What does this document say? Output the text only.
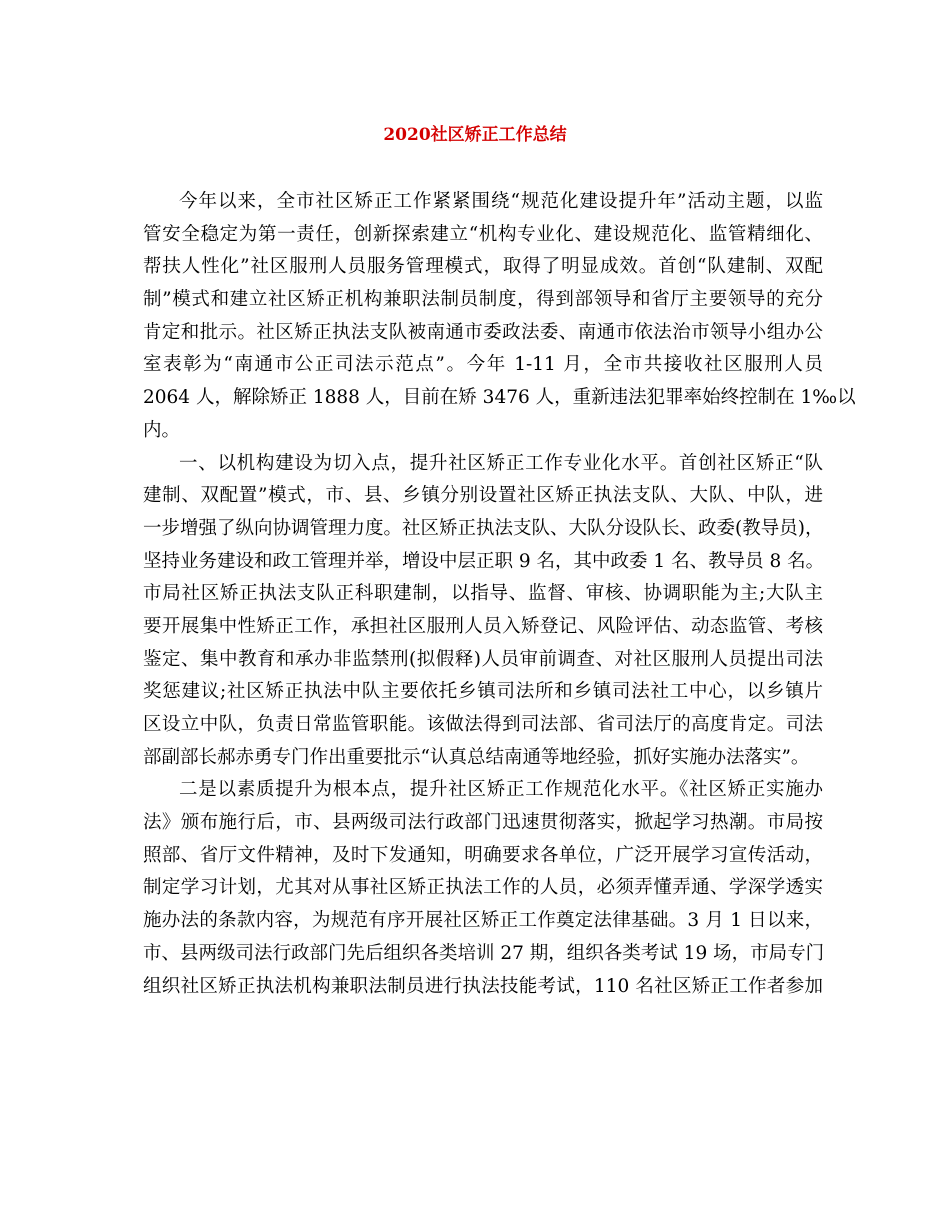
2020社区矫正工作总结
今年以来，全市社区矫正工作紧紧围绕“规范化建设提升年”活动主题，以监
管安全稳定为第一责任，创新探索建立“机构专业化、建设规范化、监管精细化、
帮扶人性化”社区服刑人员服务管理模式，取得了明显成效。首创“队建制、双配
制”模式和建立社区矫正机构兼职法制员制度，得到部领导和省厅主要领导的充分
肯定和批示。社区矫正执法支队被南通市委政法委、南通市依法治市领导小组办公
室表彰为“南通市公正司法示范点”。今年 1-11 月，全市共接收社区服刑人员
2064 人，解除矫正 1888 人，目前在矫 3476 人，重新违法犯罪率始终控制在 1‰以
内。
一、以机构建设为切入点，提升社区矫正工作专业化水平。首创社区矫正“队
建制、双配置”模式，市、县、乡镇分别设置社区矫正执法支队、大队、中队，进
一步增强了纵向协调管理力度。社区矫正执法支队、大队分设队长、政委(教导员)，
坚持业务建设和政工管理并举，增设中层正职 9 名，其中政委 1 名、教导员 8 名。
市局社区矫正执法支队正科职建制，以指导、监督、审核、协调职能为主;大队主
要开展集中性矫正工作，承担社区服刑人员入矫登记、风险评估、动态监管、考核
鉴定、集中教育和承办非监禁刑(拟假释)人员审前调查、对社区服刑人员提出司法
奖惩建议;社区矫正执法中队主要依托乡镇司法所和乡镇司法社工中心，以乡镇片
区设立中队，负责日常监管职能。该做法得到司法部、省司法厅的高度肯定。司法
部副部长郝赤勇专门作出重要批示“认真总结南通等地经验，抓好实施办法落实”。
二是以素质提升为根本点，提升社区矫正工作规范化水平。《社区矫正实施办
法》颁布施行后，市、县两级司法行政部门迅速贯彻落实，掀起学习热潮。市局按
照部、省厅文件精神，及时下发通知，明确要求各单位，广泛开展学习宣传活动，
制定学习计划，尤其对从事社区矫正执法工作的人员，必须弄懂弄通、学深学透实
施办法的条款内容，为规范有序开展社区矫正工作奠定法律基础。3 月 1 日以来，
市、县两级司法行政部门先后组织各类培训 27 期，组织各类考试 19 场，市局专门
组织社区矫正执法机构兼职法制员进行执法技能考试，110 名社区矫正工作者参加
